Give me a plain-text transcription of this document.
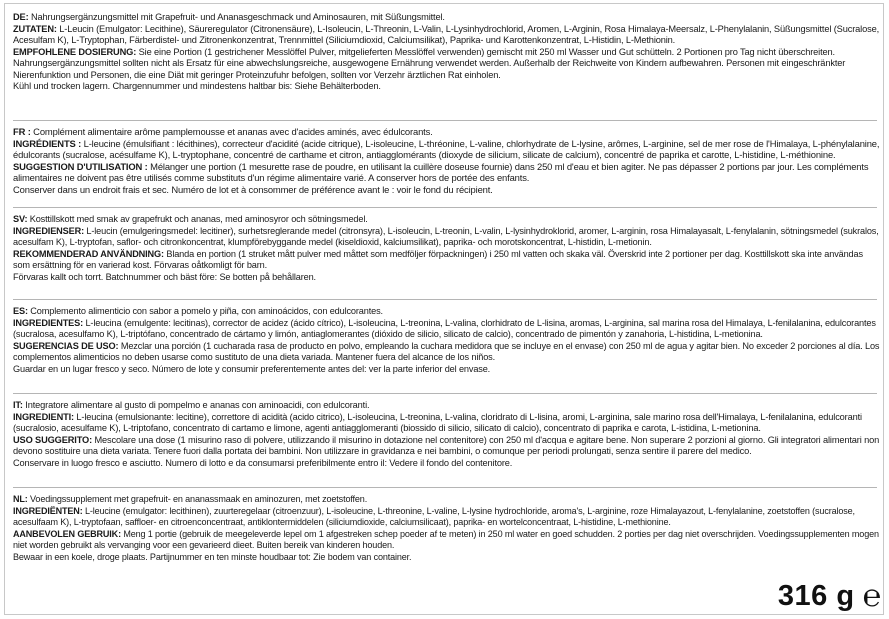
DE: Nahrungsergänzungsmittel mit Grapefruit- und Ananasgeschmack und Aminosauren, mit Süßungsmittel.

ZUTATEN: L-Leucin (Emulgator: Lecithine), Säureregulator (Citronensäure), L-Isoleucin, L-Threonin, L-Valin, L-Lysinhydrochlorid, Aromen, L-Arginin, Rosa Himalaya-Meersalz, L-Phenylalanin, Süßungsmittel (Sucralose,

Acesulfam K), L-Tryptophan, Färberdistel- und Zitronenkonzentrat, Trennmittel (Siliciumdioxid, Calciumsilikat), Paprika- und Karottenkonzentrat, L-Histidin, L-Methionin.

EMPFOHLENE DOSIERUNG: Sie eine Portion (1 gestrichener Messlöffel Pulver, mitgelieferten Messlöffel verwenden) gemischt mit 250 ml Wasser und Gut schütteln. 2 Portionen pro Tag nicht überschreiten.

Nahrungsergänzungsmittel sollten nicht als Ersatz für eine abwechslungsreiche, ausgewogene Ernährung verwendet werden. Außerhalb der Reichweite von Kindern aufbewahren. Personen mit eingeschränkter

Nierenfunktion und Personen, die eine Diät mit geringer Proteinzufuhr befolgen, sollten vor Verzehr ärztlichen Rat einholen.

Kühl und trocken lagern. Chargennummer und mindestens haltbar bis: Siehe Behälterboden.

FR : Complément alimentaire arôme pamplemousse et ananas avec d'acides aminés, avec édulcorants.

INGRÉDIENTS : L-leucine (émulsifiant : lécithines), correcteur d'acidité (acide citrique), L-isoleucine, L-thréonine, L-valine, chlorhydrate de L-lysine, arômes, L-arginine, sel de mer rose de l'Himalaya, L-phénylalanine,

édulcorants (sucralose, acésulfame K), L-tryptophane, concentré de carthame et citron, antiagglomérants (dioxyde de silicium, silicate de calcium), concentré de paprika et carotte, L-histidine, L-méthionine.

SUGGESTION D'UTILISATION : Mélanger une portion (1 mesurette rase de poudre, en utilisant la cuillère doseuse fournie) dans 250 ml d'eau et bien agiter. Ne pas dépasser 2 portions par jour. Les compléments

alimentaires ne doivent pas être utilisés comme substituts d'un régime alimentaire varié. A conserver hors de portée des enfants.

Conserver dans un endroit frais et sec. Numéro de lot et à consommer de préférence avant le : voir le fond du récipient.

SV: Kosttillskott med smak av grapefrukt och ananas, med aminosyror och sötningsmedel.

INGREDIENSER: L-leucin (emulgeringsmedel: lecitiner), surhetsreglerande medel (citronsyra), L-isoleucin, L-treonin, L-valin, L-lysinhydroklorid, aromer, L-arginin, rosa Himalayasalt, L-fenylalanin, sötningsmedel (sukralos,

acesulfam K), L-tryptofan, saflor- och citronkoncentrat, klumpförebyggande medel (kiseldioxid, kalciumsilikat), paprika- och morotskoncentrat, L-histidin, L-metionin.

REKOMMENDERAD ANVÄNDNING: Blanda en portion (1 struket mått pulver med måttet som medföljer förpackningen) i 250 ml vatten och skaka väl. Överskrid inte 2 portioner per dag. Kosttillskott ska inte användas

som ersättning för en varierad kost. Förvaras oåtkomligt för barn.

Förvaras kallt och torrt. Batchnummer och bäst före: Se botten på behållaren.

ES: Complemento alimenticio con sabor a pomelo y piña, con aminoácidos, con edulcorantes.

INGREDIENTES: L-leucina (emulgente: lecitinas), corrector de acidez (ácido cítrico), L-isoleucina, L-treonina, L-valina, clorhidrato de L-lisina, aromas, L-arginina, sal marina rosa del Himalaya, L-fenilalanina, edulcorantes

(sucralosa, acesulfamo K), L-triptófano, concentrado de cártamo y limón, antiaglomerantes (dióxido de silicio, silicato de calcio), concentrado de pimentón y zanahoria, L-histidina, L-metionina.

SUGERENCIAS DE USO: Mezclar una porción (1 cucharada rasa de producto en polvo, empleando la cuchara medidora que se incluye en el envase) con 250 ml de agua y agitar bien. No exceder 2 porciones al día. Los

complementos alimenticios no deben usarse como sustituto de una dieta variada. Mantener fuera del alcance de los niños.

Guardar en un lugar fresco y seco. Número de lote y consumir preferentemente antes del: ver la parte inferior del envase.

IT: Integratore alimentare al gusto di pompelmo e ananas con aminoacidi, con edulcoranti.

INGREDIENTI: L-leucina (emulsionante: lecitine), correttore di acidità (acido citrico), L-isoleucina, L-treonina, L-valina, cloridrato di L-lisina, aromi, L-arginina, sale marino rosa dell'Himalaya, L-fenilalanina, edulcoranti

(sucralosio, acesulfame K), L-triptofano, concentrato di cartamo e limone, agenti antiagglomeranti (biossido di silicio, silicato di calcio), concentrato di paprika e carota, L-istidina, L-metionina.

USO SUGGERITO: Mescolare una dose (1 misurino raso di polvere, utilizzando il misurino in dotazione nel contenitore) con 250 ml d'acqua e agitare bene. Non superare 2 porzioni al giorno. Gli integratori alimentari non

devono sostituire una dieta variata. Tenere fuori dalla portata dei bambini. Non utilizzare in gravidanza e nei bambini, o comunque per periodi prolungati, senza sentire il parere del medico.

Conservare in luogo fresco e asciutto. Numero di lotto e da consumarsi preferibilmente entro il: Vedere il fondo del contenitore.

NL: Voedingssupplement met grapefruit- en ananassmaak en aminozuren, met zoetstoffen.

INGREDIËNTEN: L-leucine (emulgator: lecithinen), zuurteregelaar (citroenzuur), L-isoleucine, L-threonine, L-valine, L-lysine hydrochloride, aroma's, L-arginine, roze Himalayazout, L-fenylalanine, zoetstoffen (sucralose,

acesulfaam K), L-tryptofaan, saffloer- en citroenconcentraat, antiklontermiddelen (siliciumdioxide, calciumsilicaat), paprika- en wortelconcentraat, L-histidine, L-methionine.

AANBEVOLEN GEBRUIK: Meng 1 portie (gebruik de meegeleverde lepel om 1 afgestreken schep poeder af te meten) in 250 ml water en goed schudden. 2 porties per dag niet overschrijden. Voedingssupplementen mogen

niet worden gebruikt als vervanging voor een gevarieerd dieet. Buiten bereik van kinderen houden.

Bewaar in een koele, droge plaats. Partijnummer en ten minste houdbaar tot: Zie bodem van container.

316 g ℮
